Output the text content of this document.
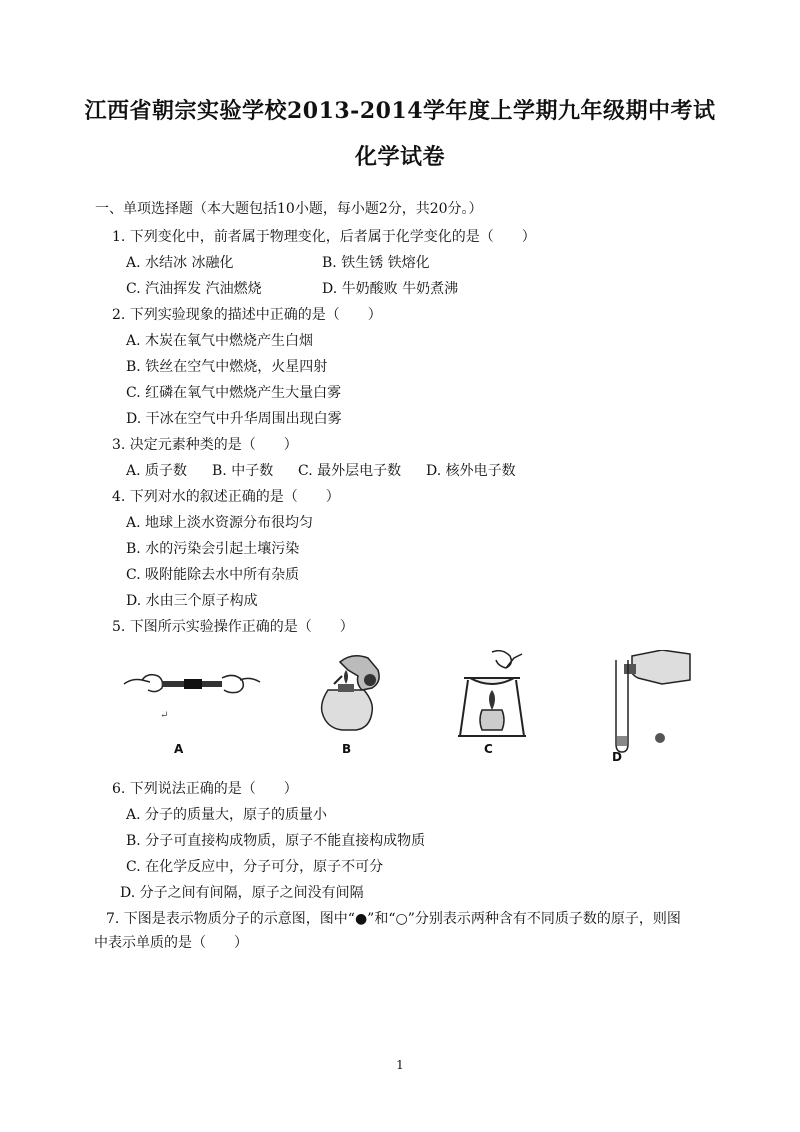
江西省朝宗实验学校2013-2014学年度上学期九年级期中考试
化学试卷
一、单项选择题（本大题包括10小题，每小题2分，共20分。）
1. 下列变化中，前者属于物理变化，后者属于化学变化的是（　　）
A. 水结冰 冰融化	B. 铁生锈 铁熔化
C. 汽油挥发 汽油燃烧	D. 牛奶酸败 牛奶煮沸
2. 下列实验现象的描述中正确的是（　　）
A. 木炭在氧气中燃烧产生白烟
B. 铁丝在空气中燃烧，火星四射
C. 红磷在氧气中燃烧产生大量白雾
D. 干冰在空气中升华周围出现白雾
3. 决定元素种类的是（　　）
A. 质子数 B. 中子数 C. 最外层电子数 D. 核外电子数
4. 下列对水的叙述正确的是（　　）
A. 地球上淡水资源分布很均匀
B. 水的污染会引起土壤污染
C. 吸附能除去水中所有杂质
D. 水由三个原子构成
5. 下图所示实验操作正确的是（　　）
↵
A	B	C
D
6. 下列说法正确的是（　　）
A. 分子的质量大，原子的质量小
B. 分子可直接构成物质，原子不能直接构成物质
C. 在化学反应中，分子可分，原子不可分
D. 分子之间有间隔，原子之间没有间隔
7. 下图是表示物质分子的示意图，图中“●”和“○”分别表示两种含有不同质子数的原子，则图
中表示单质的是（　　）
1
